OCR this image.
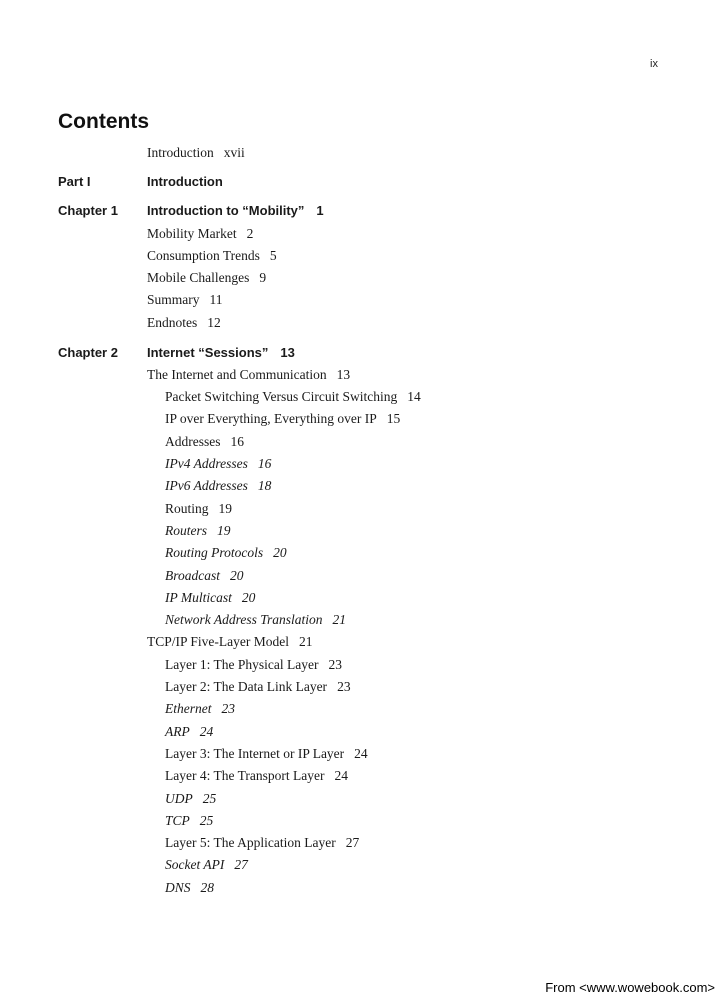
ix
Contents
Introduction xvii
Part I	Introduction
Chapter 1 Introduction to “Mobility” 1
Mobility Market 2
Consumption Trends 5
Mobile Challenges 9
Summary 11
Endnotes 12
Chapter 2 Internet “Sessions” 13
The Internet and Communication 13
Packet Switching Versus Circuit Switching 14
IP over Everything, Everything over IP 15
Addresses 16
IPv4 Addresses 16
IPv6 Addresses 18
Routing 19
Routers 19
Routing Protocols 20
Broadcast 20
IP Multicast 20
Network Address Translation 21
TCP/IP Five-Layer Model 21
Layer 1: The Physical Layer 23
Layer 2: The Data Link Layer 23
Ethernet 23
ARP 24
Layer 3: The Internet or IP Layer 24
Layer 4: The Transport Layer 24
UDP 25
TCP 25
Layer 5: The Application Layer 27
Socket API 27
DNS 28
From <www.wowebook.com>
